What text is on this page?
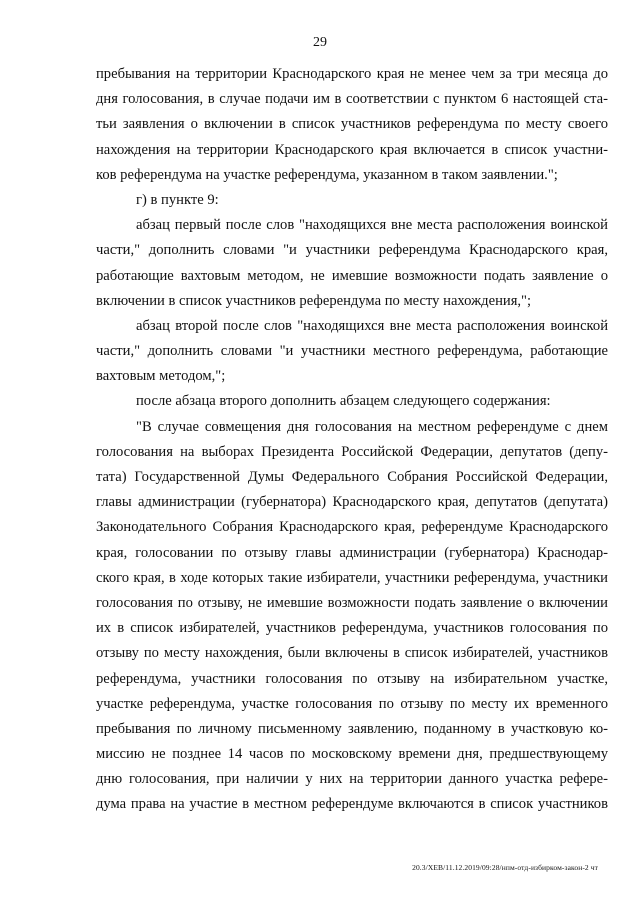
29
пребывания на территории Краснодарского края не менее чем за три месяца до
дня голосования, в случае подачи им в соответствии с пунктом 6 настоящей ста-
тьи заявления о включении в список участников референдума по месту своего
нахождения на территории Краснодарского края включается в список участни-
ков референдума на участке референдума, указанном в таком заявлении.";
г) в пункте 9:
абзац первый после слов "находящихся вне места расположения воинской
части," дополнить словами "и участники референдума Краснодарского края,
работающие вахтовым методом, не имевшие возможности подать заявление о
включении в список участников референдума по месту нахождения,";
абзац второй после слов "находящихся вне места расположения воинской
части," дополнить словами "и участники местного референдума, работающие
вахтовым методом,";
после абзаца второго дополнить абзацем следующего содержания:
"В случае совмещения дня голосования на местном референдуме с днем
голосования на выборах Президента Российской Федерации, депутатов (депу-
тата) Государственной Думы Федерального Собрания Российской Федерации,
главы администрации (губернатора) Краснодарского края, депутатов (депутата)
Законодательного Собрания Краснодарского края, референдуме Краснодарского
края, голосовании по отзыву главы администрации (губернатора) Краснодар-
ского края, в ходе которых такие избиратели, участники референдума, участники
голосования по отзыву, не имевшие возможности подать заявление о включении
их в список избирателей, участников референдума, участников голосования по
отзыву по месту нахождения, были включены в список избирателей, участников
референдума, участники голосования по отзыву на избирательном участке,
участке референдума, участке голосования по отзыву по месту их временного
пребывания по личному письменному заявлению, поданному в участковую ко-
миссию не позднее 14 часов по московскому времени дня, предшествующему
дню голосования, при наличии у них на территории данного участка рефере-
дума права на участие в местном референдуме включаются в список участников
20.3/ХЕВ/11.12.2019/09:28/нпм-отд-избирком-закон-2 чт
